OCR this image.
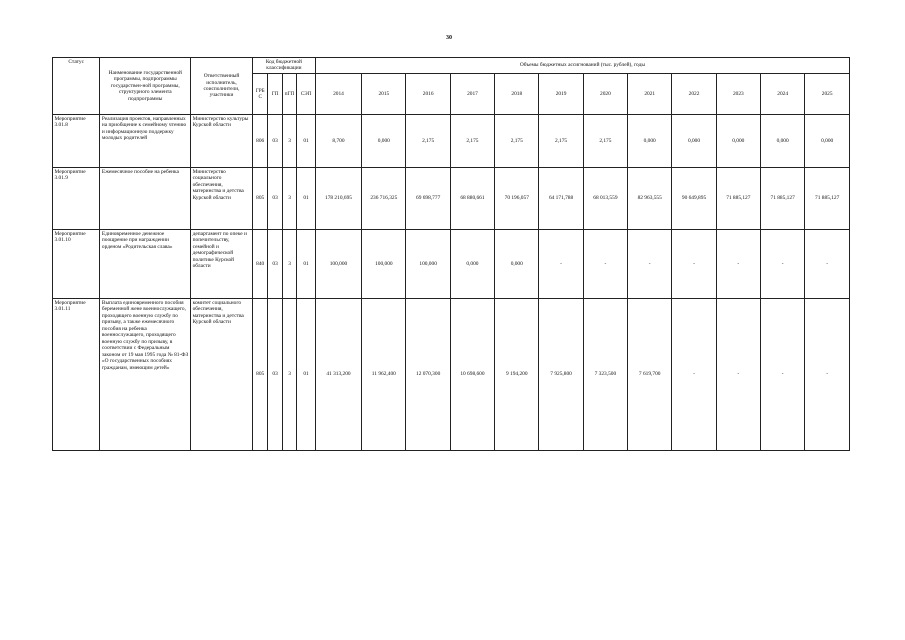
30
Статус	Наименование государственной программы, подпрограммы государствен-ной программы, структурного элемента подпрограммы	Ответственный исполнитель, соисполнители, участники	Код бюджетной классификации				Объемы бюджетных ассигнований (тыс. рублей), годы											
			ГРБС	ГП	пГП	СЭП	2014	2015	2016	2017	2018	2019	2020	2021	2022	2023	2024	2025
Мероприятие 3.01.8	Реализация проектов, направленных на приобщение к семейному чтению и информационную поддержку молодых родителей	Министерство культуры Курской области	806	03	3	01	8,700	0,000	2,175	2,175	2,175	2,175	2,175	0,000	0,000	0,000	0,000	0,000
Мероприятие 3.01.9	Ежемесячное пособие на ребенка	Министерство социального обеспечения, материнства и детства Курской области	805	03	3	01	178 210,695	236 716,325	69 698,777	68 880,661	70 196,057	64 171,788	68 013,559	82 963,555	90 649,895	71 885,127	71 885,127	71 885,127
Мероприятие 3.01.10	Единовременное денежное поощрение при награждении орденом «Родительская слава»	департамент по опеке и попечительству, семейной и демографической политике Курской области	840	03	3	01	100,000	100,000	100,000	0,000	0,000	-	-	-	-	-	-	-
Мероприятие 3.01.11	Выплата единовременного пособия беременной жене военнослужащего, проходящего военную службу по призыву, а также ежемесячного пособия на ребенка военнослужащего, проходящего военную службу по призыву, в соответствии с Федеральным законом от 19 мая 1995 года № 81-ФЗ «О государственных пособиях гражданам, имеющим детей»	комитет социального обеспечения, материнства и детства Курской области	805	03	3	01	41 313,200	11 962,400	12 070,300	10 698,600	9 194,200	7 925,800	7 323,500	7 619,700	-	-	-	-
